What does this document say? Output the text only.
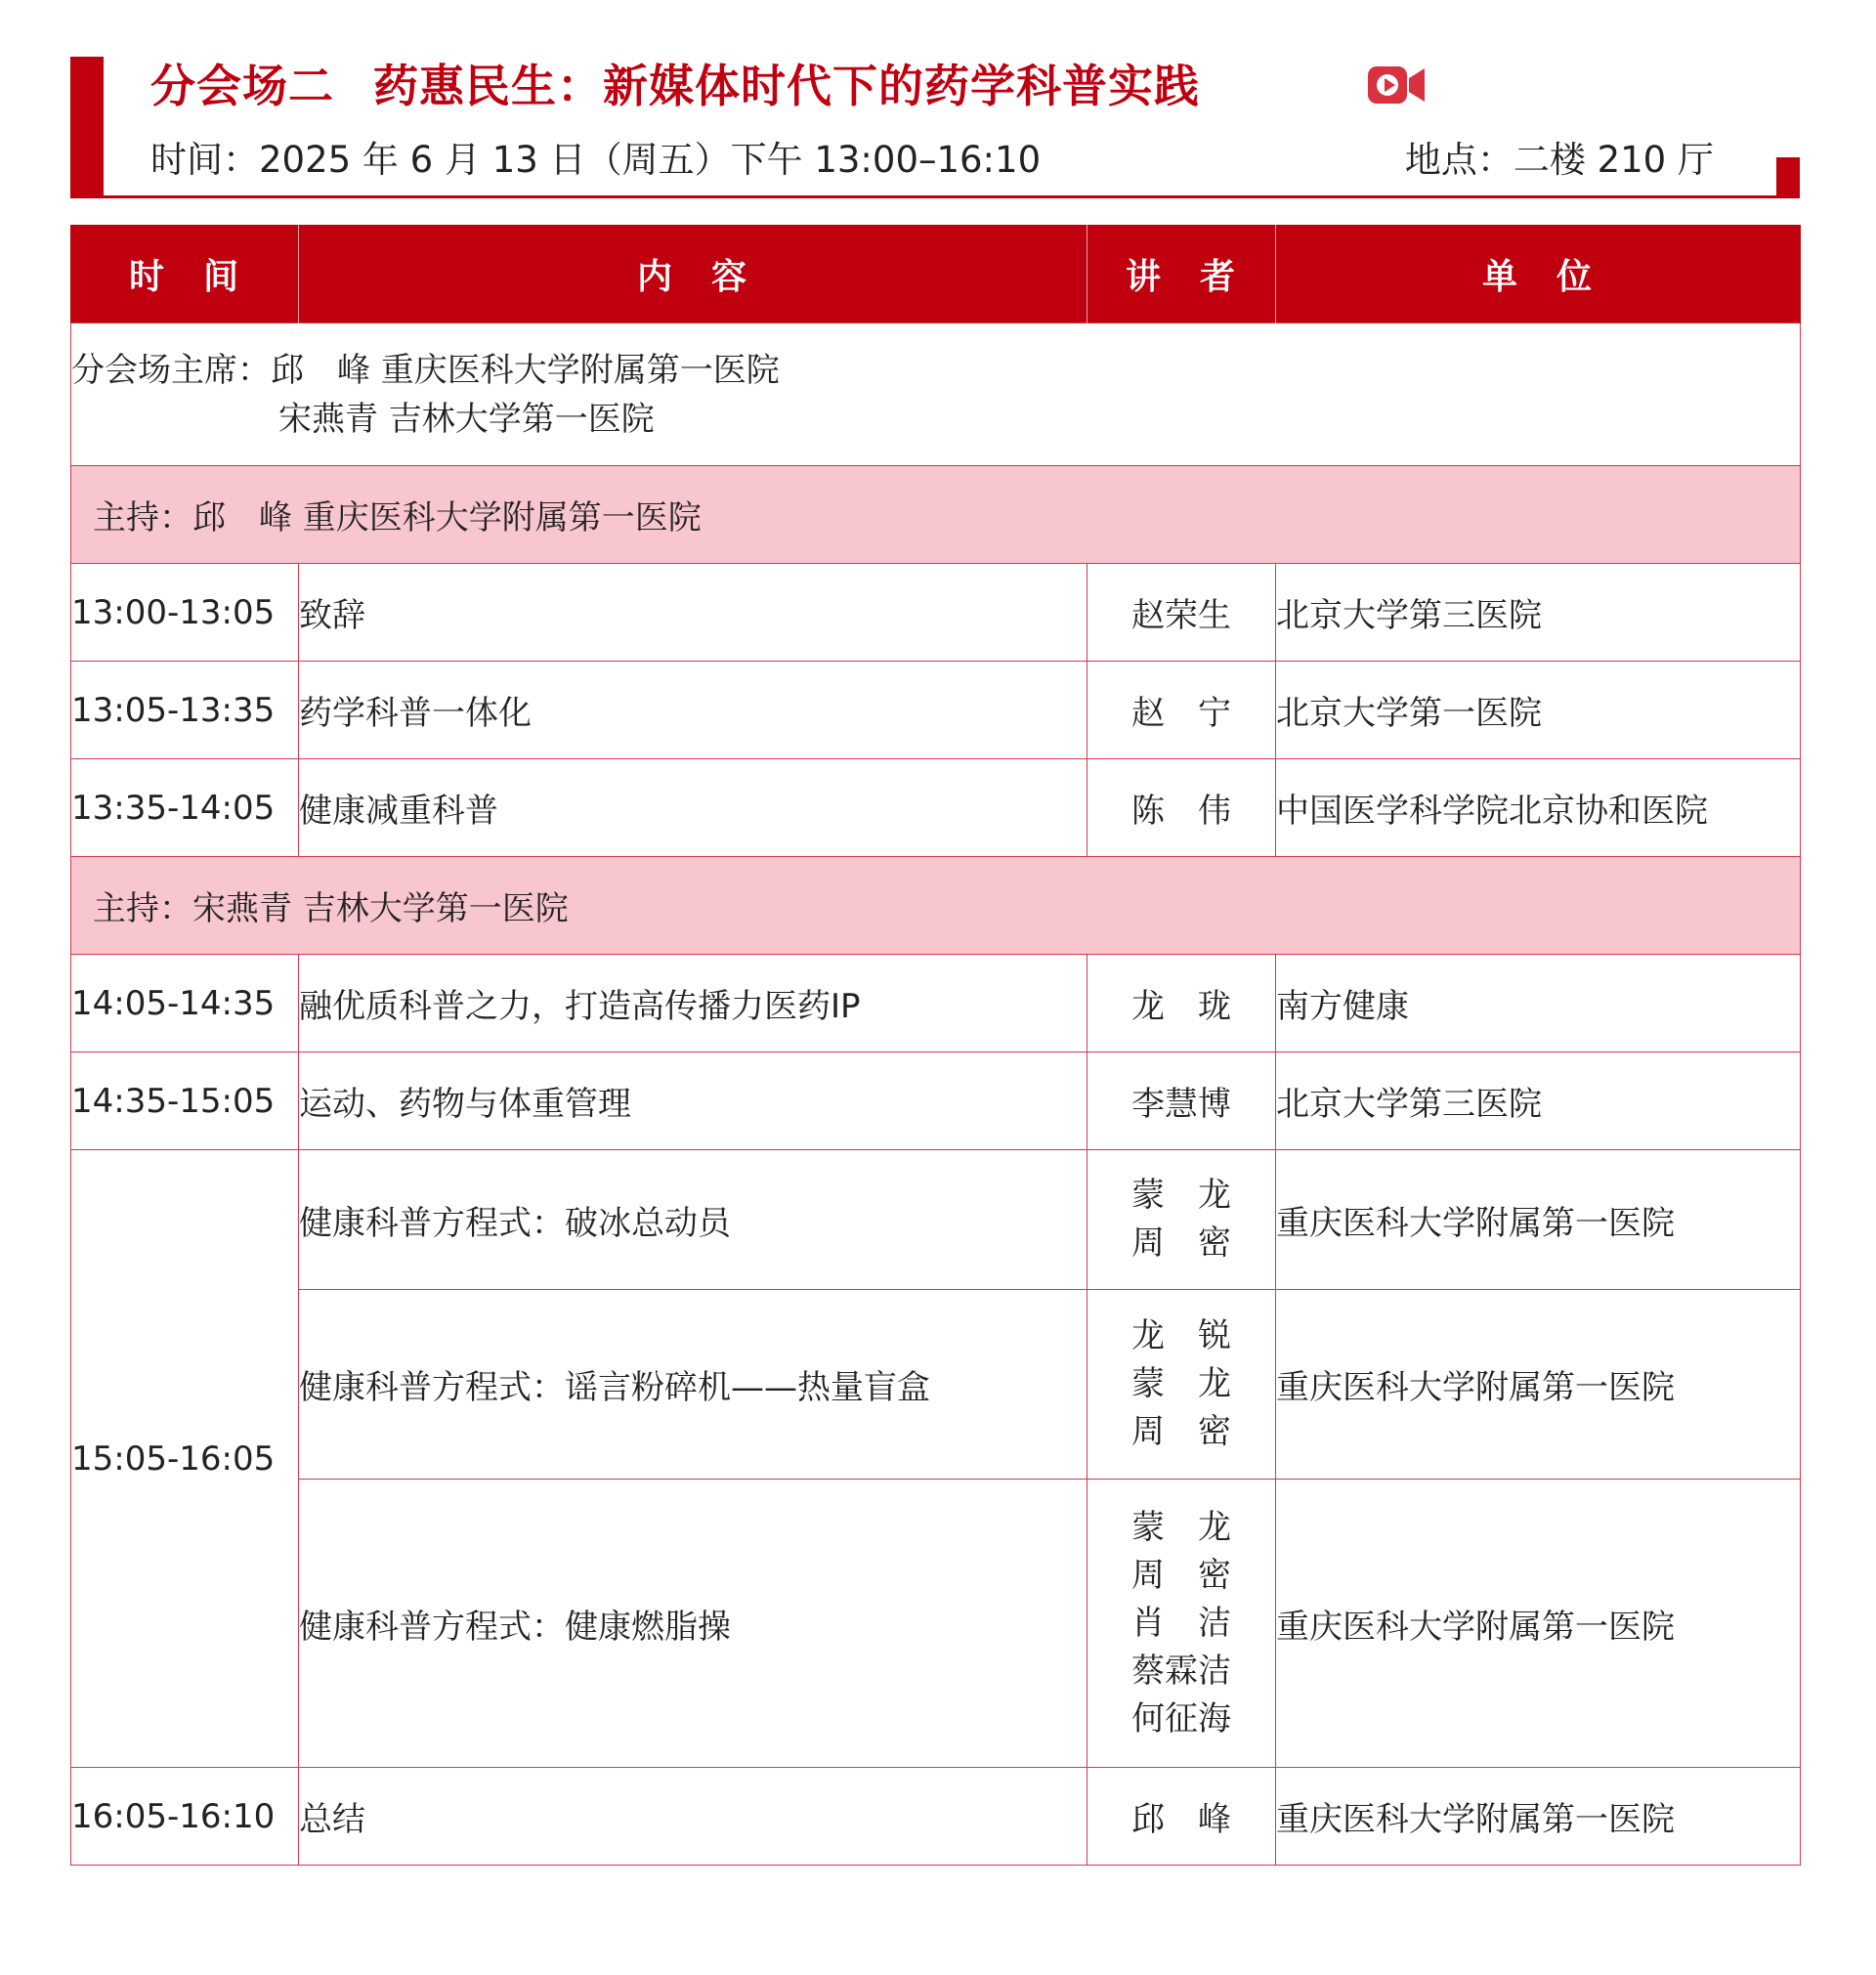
分会场二 药惠民生：新媒体时代下的药学科普实践
时间：2025 年 6 月 13 日（周五）下午 13:00–16:10	地点：二楼 210 厅
时　间	内　容	讲　者	单　位

分会场主席：邱　峰 重庆医科大学附属第一医院
宋燕青 吉林大学第一医院			

主持：邱　峰 重庆医科大学附属第一医院			
13:00-13:05	致辞	赵荣生	北京大学第三医院
13:05-13:35	药学科普一体化	赵　宁	北京大学第一医院
13:35-14:05	健康减重科普	陈　伟	中国医学科学院北京协和医院
主持：宋燕青 吉林大学第一医院			
14:05-14:35	融优质科普之力，打造高传播力医药IP	龙　珑	南方健康
14:35-15:05	运动、药物与体重管理	李慧博	北京大学第三医院
15:05-16:05	健康科普方程式：破冰总动员	蒙　龙
周　密	重庆医科大学附属第一医院
	健康科普方程式：谣言粉碎机——热量盲盒	龙　锐
蒙　龙
周　密	重庆医科大学附属第一医院
	健康科普方程式：健康燃脂操	蒙　龙
周　密
肖　洁
蔡霖洁
何征海	重庆医科大学附属第一医院
16:05-16:10	总结	邱　峰	重庆医科大学附属第一医院
